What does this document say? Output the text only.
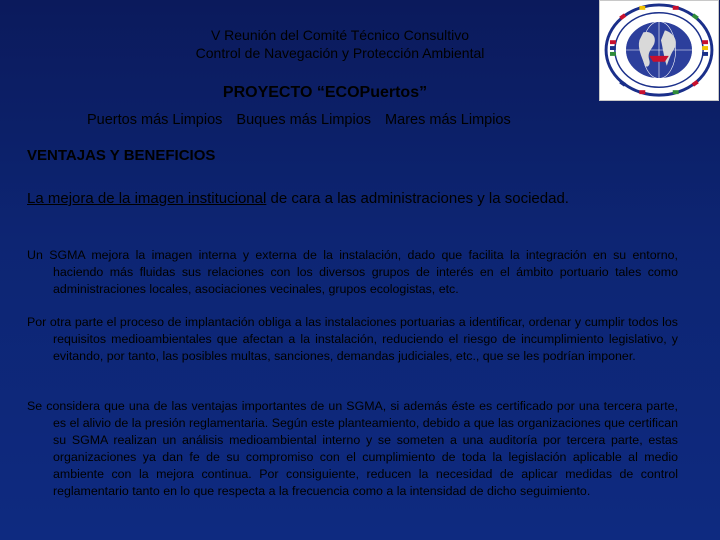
V Reunión del Comité Técnico Consultivo
Control de Navegación y Protección Ambiental
PROYECTO “ECOPuertos”
Puertos más Limpios Buques más Limpios Mares más Limpios
VENTAJAS Y BENEFICIOS
La mejora de la imagen institucional de cara a las administraciones y la sociedad.
Un SGMA mejora la imagen interna y externa de la instalación, dado que facilita la integración en su entorno, haciendo más fluidas sus relaciones con los diversos grupos de interés en el ámbito portuario tales como administraciones locales, asociaciones vecinales, grupos ecologistas, etc.
Por otra parte el proceso de implantación obliga a las instalaciones portuarias a identificar, ordenar y cumplir todos los requisitos medioambientales que afectan a la instalación, reduciendo el riesgo de incumplimiento legislativo, y evitando, por tanto, las posibles multas, sanciones, demandas judiciales, etc., que se les podrían imponer.
Se considera que una de las ventajas importantes de un SGMA, si además éste es certificado por una tercera parte, es el alivio de la presión reglamentaria. Según este planteamiento, debido a que las organizaciones que certifican su SGMA realizan un análisis medioambiental interno y se someten a una auditoría por tercera parte, estas organizaciones ya dan fe de su compromiso con el cumplimiento de toda la legislación aplicable al medio ambiente con la mejora continua. Por consiguiente, reducen la necesidad de aplicar medidas de control reglamentario tanto en lo que respecta a la frecuencia como a la intensidad de dicho seguimiento.
